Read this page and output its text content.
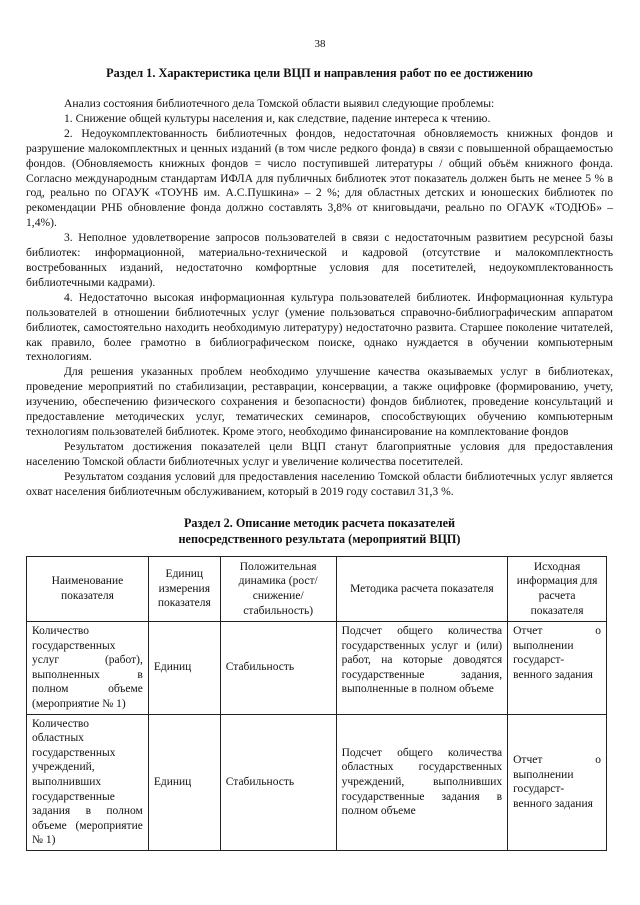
38
Раздел 1. Характеристика цели ВЦП и направления работ по ее достижению

Анализ состояния библиотечного дела Томской области выявил следующие проблемы:

1. Снижение общей культуры населения и, как следствие, падение интереса к чтению.

2. Недоукомплектованность библиотечных фондов, недостаточная обновляемость книжных фондов и разрушение малокомплектных и ценных изданий (в том числе редкого фонда) в связи с повышенной обращаемостью фондов. (Обновляемость книжных фондов = число поступившей литературы / общий объём книжного фонда. Согласно международным стандартам ИФЛА для публичных библиотек этот показатель должен быть не менее 5 % в год, реально по ОГАУК «ТОУНБ им. А.С.Пушкина» – 2 %; для областных детских и юношеских библиотек по рекомендации РНБ обновление фонда должно составлять 3,8% от книговыдачи, реально по ОГАУК «ТОДЮБ» – 1,4%).

3. Неполное удовлетворение запросов пользователей в связи с недостаточным развитием ресурсной базы библиотек: информационной, материально-технической и кадровой (отсутствие и малокомплектность востребованных изданий, недостаточно комфортные условия для посетителей, недоукомплектованность библиотечными кадрами).

4. Недостаточно высокая информационная культура пользователей библиотек. Информационная культура пользователей в отношении библиотечных услуг (умение пользоваться справочно-библиографическим аппаратом библиотек, самостоятельно находить необходимую литературу) недостаточно развита. Старшее поколение читателей, как правило, более грамотно в библиографическом поиске, однако нуждается в обучении компьютерным технологиям.

Для решения указанных проблем необходимо улучшение качества оказываемых услуг в библиотеках, проведение мероприятий по стабилизации, реставрации, консервации, а также оцифровке (формированию, учету, изучению, обеспечению физического сохранения и безопасности) фондов библиотек, проведение консультаций и предоставление методических услуг, тематических семинаров, способствующих обучению компьютерным технологиям пользователей библиотек. Кроме этого, необходимо финансирование на комплектование фондов

Результатом достижения показателей цели ВЦП станут благоприятные условия для предоставления населению Томской области библиотечных услуг и увеличение количества посетителей.

Результатом создания условий для предоставления населению Томской области библиотечных услуг является охват населения библиотечным обслуживанием, который в 2019 году составил 31,3 %.

Раздел 2. Описание методик расчета показателей
непосредственного результата (мероприятий ВЦП)
Наименование показателя	Единиц измерения показателя	Положительная динамика (рост/снижение/ стабильность)	Методика расчета показателя	Исходная информация для расчета показателя
Количество государственных услуг (работ), выполненных в полном объеме (мероприятие № 1)	Единиц	Стабильность	Подсчет общего количества государственных услуг и (или) работ, на которые доводятся государственные задания, выполненные в полном объеме	Отчет о выполнении государст-венного задания
Количество областных государственных учреждений, выполнивших государственные задания в полном объеме (мероприятие № 1)	Единиц	Стабильность	Подсчет общего количества областных государственных учреждений, выполнивших государственные задания в полном объеме	Отчет о выполнении государст-венного задания
